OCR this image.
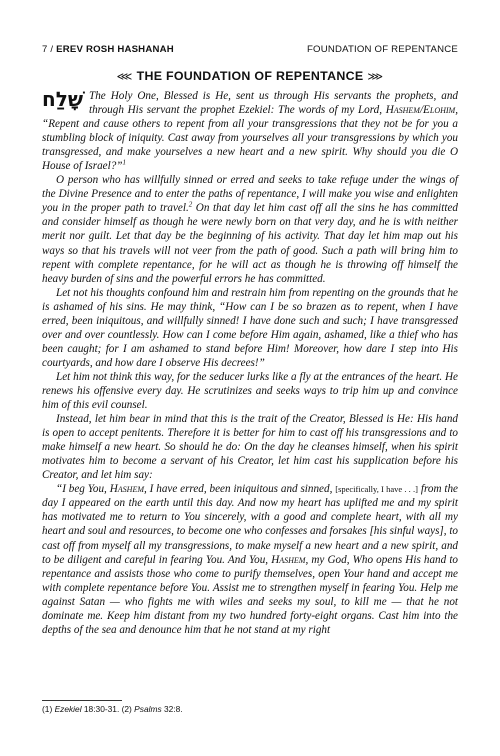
7 / EREV ROSH HASHANAH	FOUNDATION OF REPENTANCE
⋘ THE FOUNDATION OF REPENTANCE ⋙

שָׁלַח The Holy One, Blessed is He, sent us through His servants the prophets, and through His servant the prophet Ezekiel: The words of my Lord, Hashem/Elohim, “Repent and cause others to repent from all your transgressions that they not be for you a stumbling block of iniquity. Cast away from yourselves all your transgressions by which you transgressed, and make yourselves a new heart and a new spirit. Why should you die O House of Israel?”$^1$

O person who has willfully sinned or erred and seeks to take refuge under the wings of the Divine Presence and to enter the paths of repentance, I will make you wise and enlighten you in the proper path to travel.$^2$ On that day let him cast off all the sins he has committed and consider himself as though he were newly born on that very day, and he is with neither merit nor guilt. Let that day be the beginning of his activity. That day let him map out his ways so that his travels will not veer from the path of good. Such a path will bring him to repent with complete repentance, for he will act as though he is throwing off himself the heavy burden of sins and the powerful errors he has committed.

Let not his thoughts confound him and restrain him from repenting on the grounds that he is ashamed of his sins. He may think, “How can I be so brazen as to repent, when I have erred, been iniquitous, and willfully sinned! I have done such and such; I have transgressed over and over countlessly. How can I come before Him again, ashamed, like a thief who has been caught; for I am ashamed to stand before Him! Moreover, how dare I step into His courtyards, and how dare I observe His decrees!”

Let him not think this way, for the seducer lurks like a fly at the entrances of the heart. He renews his offensive every day. He scrutinizes and seeks ways to trip him up and convince him of this evil counsel.

Instead, let him bear in mind that this is the trait of the Creator, Blessed is He: His hand is open to accept penitents. Therefore it is better for him to cast off his transgressions and to make himself a new heart. So should he do: On the day he cleanses himself, when his spirit motivates him to become a servant of his Creator, let him cast his supplication before his Creator, and let him say:

“I beg You, Hashem, I have erred, been iniquitous and sinned, [specifically, I have . . .] from the day I appeared on the earth until this day. And now my heart has uplifted me and my spirit has motivated me to return to You sincerely, with a good and complete heart, with all my heart and soul and resources, to become one who confesses and forsakes [his sinful ways], to cast off from myself all my transgressions, to make myself a new heart and a new spirit, and to be diligent and careful in fearing You. And You, Hashem, my God, Who opens His hand to repentance and assists those who come to purify themselves, open Your hand and accept me with complete repentance before You. Assist me to strengthen myself in fearing You. Help me against Satan — who fights me with wiles and seeks my soul, to kill me — that he not dominate me. Keep him distant from my two hundred forty-eight organs. Cast him into the depths of the sea and denounce him that he not stand at my right

(1) Ezekiel 18:30-31. (2) Psalms 32:8.
